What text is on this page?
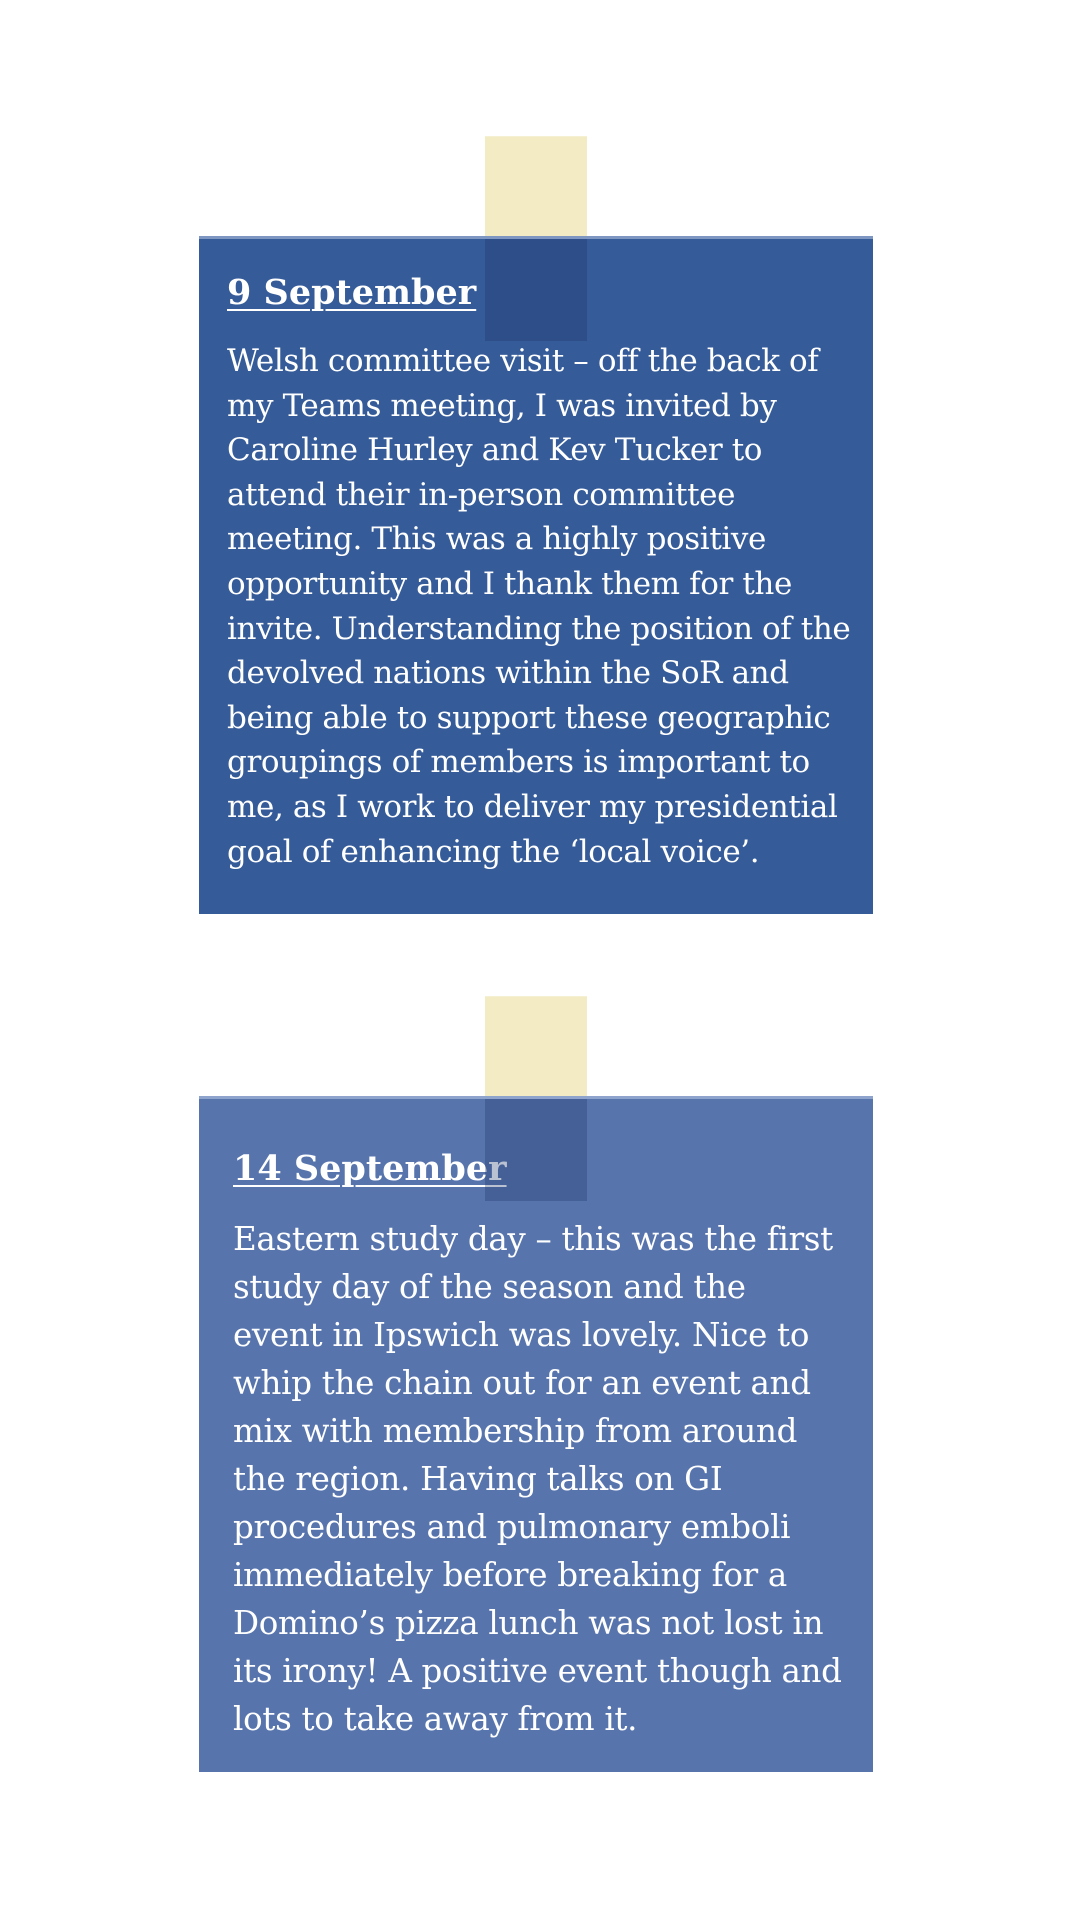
9 September

Welsh committee visit – off the back of my Teams meeting, I was invited by Caroline Hurley and Kev Tucker to attend their in-person committee meeting. This was a highly positive opportunity and I thank them for the invite. Understanding the position of the devolved nations within the SoR and being able to support these geographic groupings of members is important to me, as I work to deliver my presidential goal of enhancing the ‘local voice’.

14 September

Eastern study day – this was the first study day of the season and the event in Ipswich was lovely. Nice to whip the chain out for an event and mix with membership from around the region. Having talks on GI procedures and pulmonary emboli immediately before breaking for a Domino’s pizza lunch was not lost in its irony! A positive event though and lots to take away from it.
